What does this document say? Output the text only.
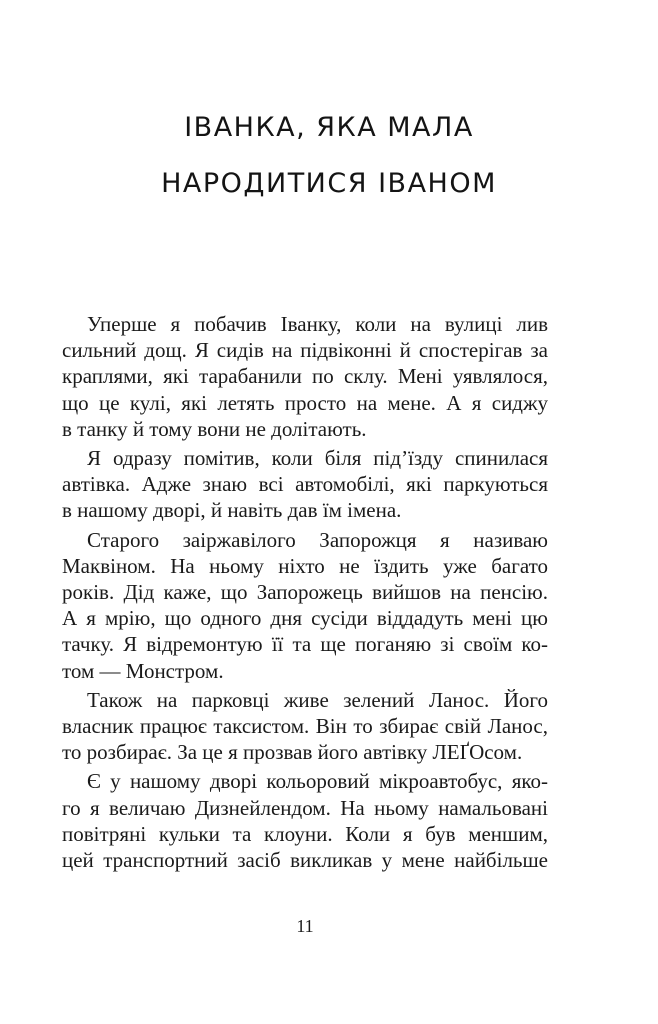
ІВАНКА, ЯКА МАЛА
НАРОДИТИСЯ ІВАНОМ

Уперше я побачив Іванку, коли на вулиці лив
сильний дощ. Я сидів на підвіконні й спостерігав за
краплями, які тарабанили по склу. Мені уявлялося,
що це кулі, які летять просто на мене. А я сиджу
в танку й тому вони не долітають.

Я одразу помітив, коли біля під’їзду спинилася
автівка. Адже знаю всі автомобілі, які паркуються
в нашому дворі, й навіть дав їм імена.

Старого заіржавілого Запорожця я називаю
Маквіном. На ньому ніхто не їздить уже багато
років. Дід каже, що Запорожець вийшов на пенсію.
А я мрію, що одного дня сусіди віддадуть мені цю
тачку. Я відремонтую її та ще поганяю зі своїм ко-
том — Монстром.

Також на парковці живе зелений Ланос. Його
власник працює таксистом. Він то збирає свій Ланос,
то розбирає. За це я прозвав його автівку ЛЕҐОсом.

Є у нашому дворі кольоровий мікроавтобус, яко-
го я величаю Дизнейлендом. На ньому намальовані
повітряні кульки та клоуни. Коли я був меншим,
цей транспортний засіб викликав у мене найбільше

11
